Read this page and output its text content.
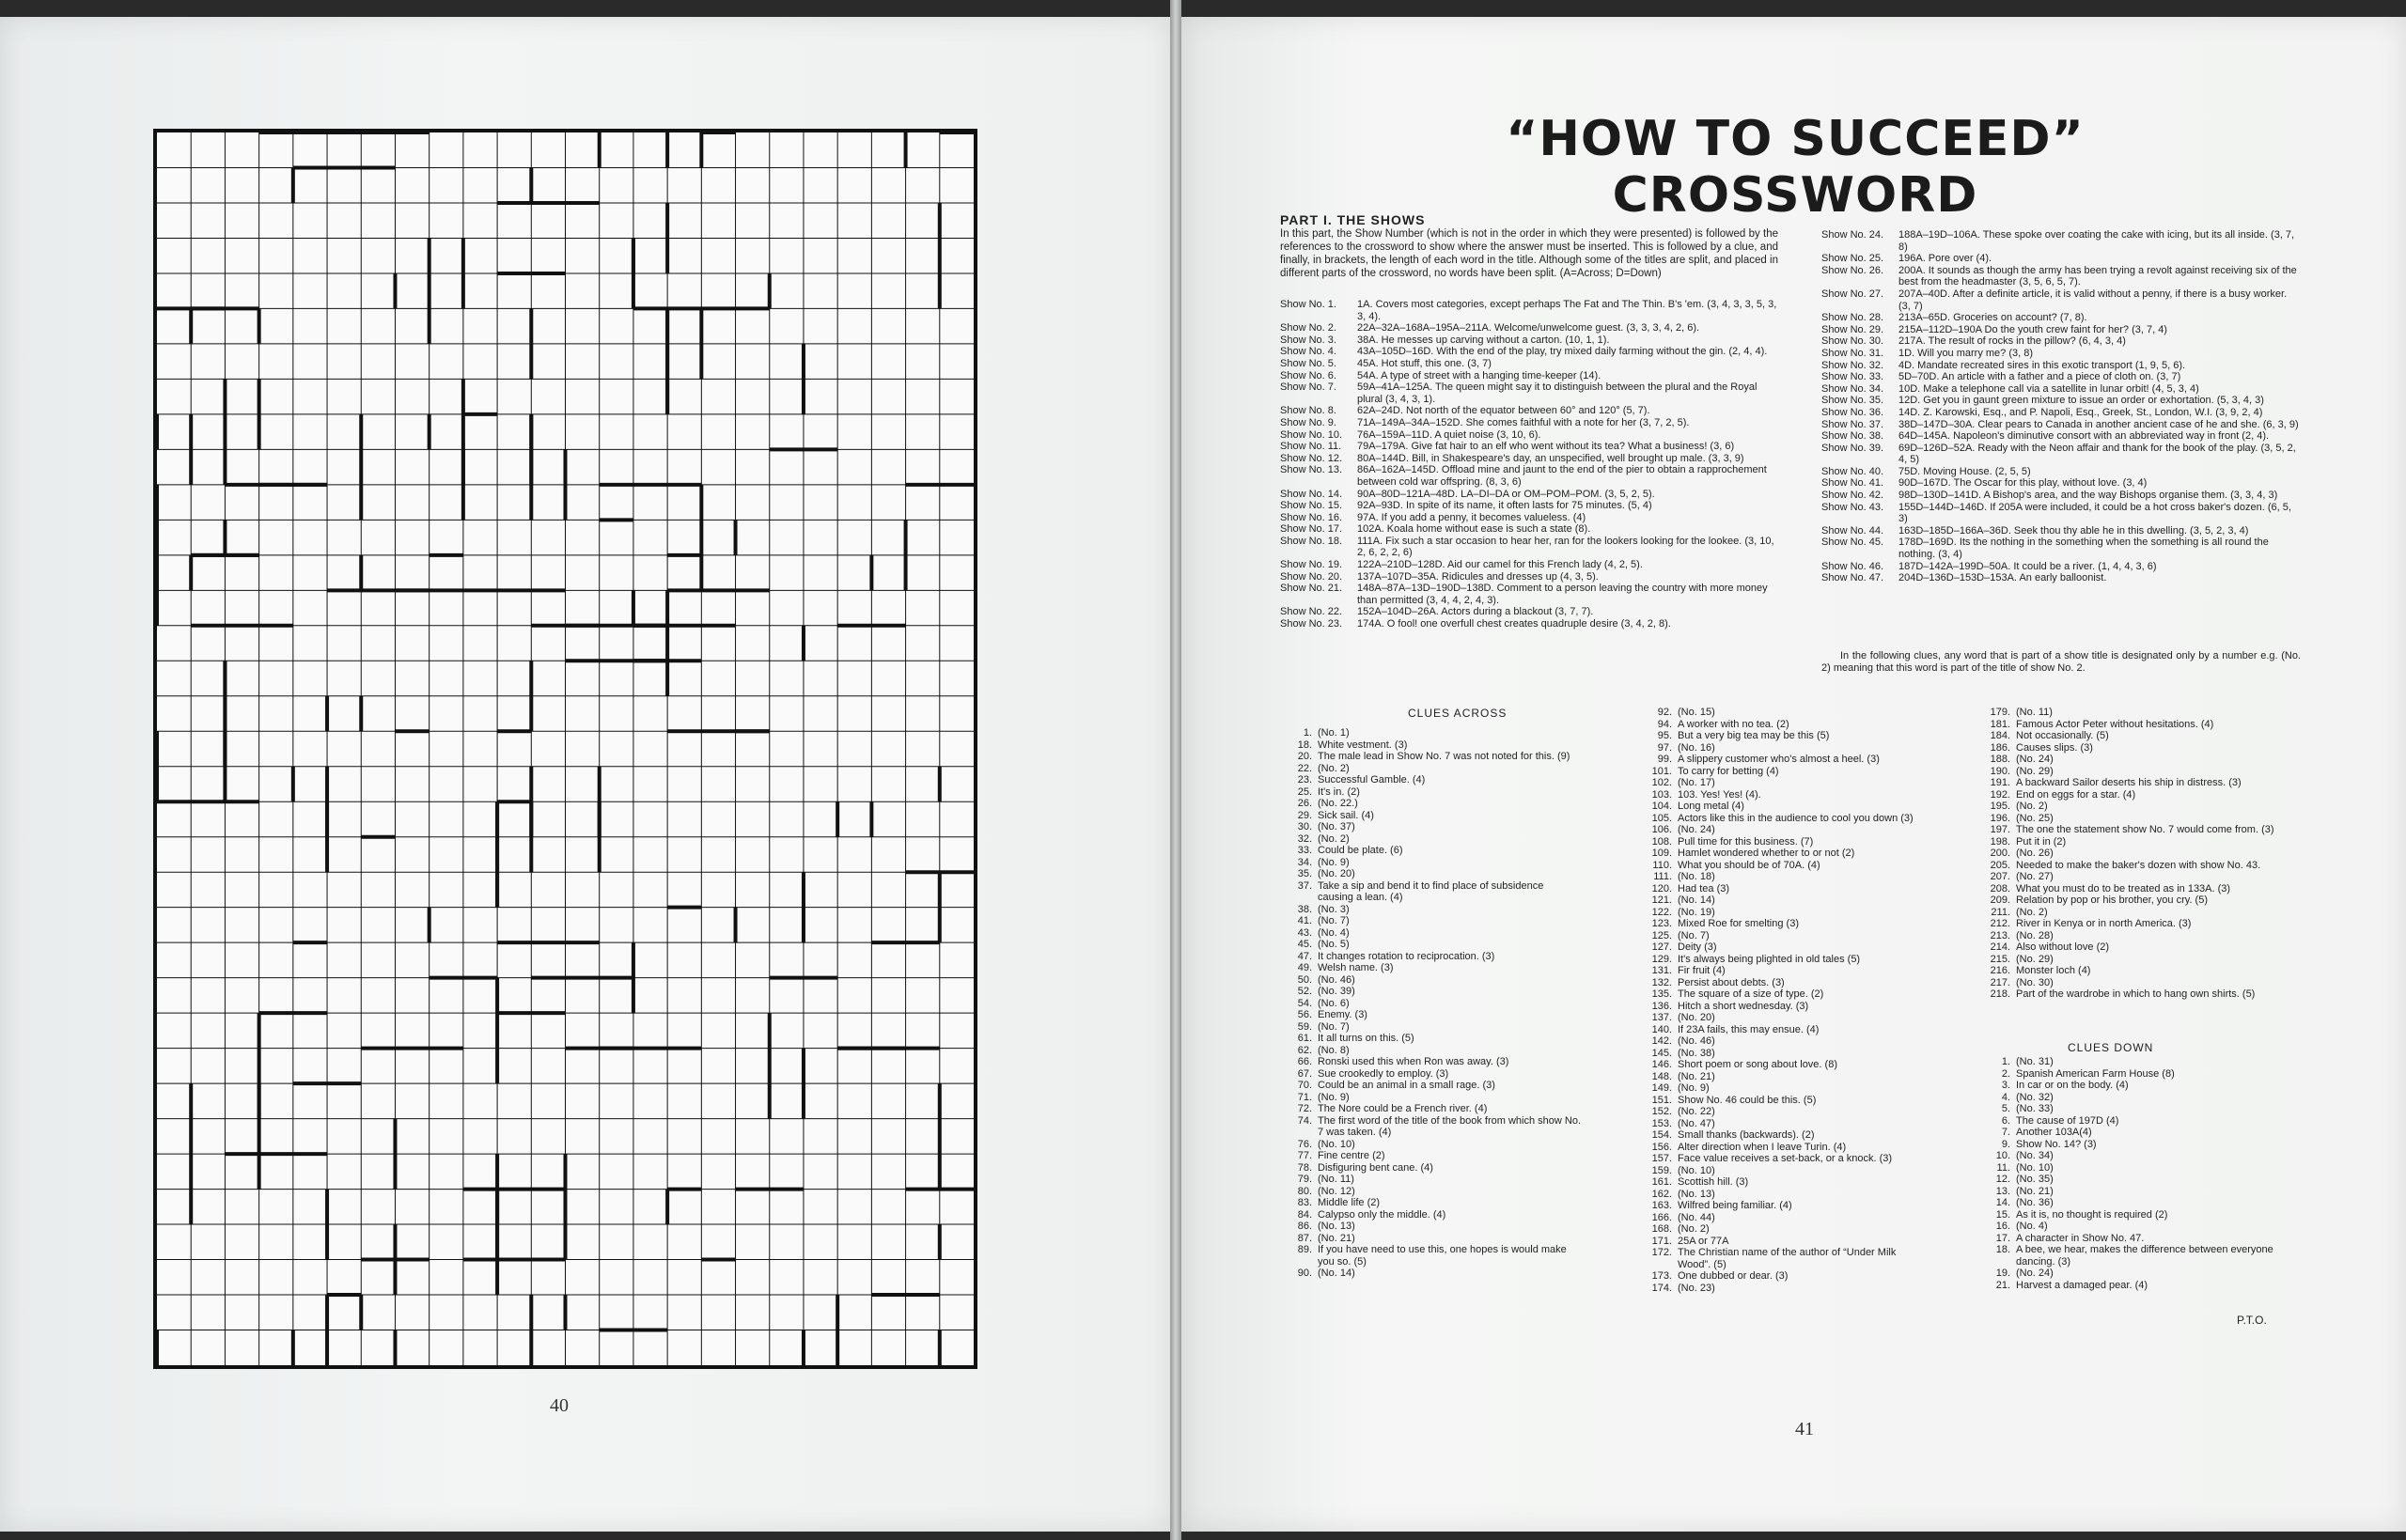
40
41
“HOW TO SUCCEED” CROSSWORD
PART I. THE SHOWS
In this part, the Show Number (which is not in the order in which they were presented) is followed by the references to the crossword to show where the answer must be inserted. This is followed by a clue, and finally, in brackets, the length of each word in the title. Although some of the titles are split, and placed in different parts of the crossword, no words have been split. (A=Across; D=Down)
Show No. 1.	1A. Covers most categories, except perhaps The Fat and The Thin. B's 'em. (3, 4, 3, 3, 5, 3, 3, 4).
Show No. 2.	22A–32A–168A–195A–211A. Welcome/unwelcome guest. (3, 3, 3, 4, 2, 6).
Show No. 3.	38A. He messes up carving without a carton. (10, 1, 1).
Show No. 4.	43A–105D–16D. With the end of the play, try mixed daily farming without the gin. (2, 4, 4).
Show No. 5.	45A. Hot stuff, this one. (3, 7)
Show No. 6.	54A. A type of street with a hanging time-keeper (14).
Show No. 7.	59A–41A–125A. The queen might say it to distinguish between the plural and the Royal plural (3, 4, 3, 1).
Show No. 8.	62A–24D. Not north of the equator between 60° and 120° (5, 7).
Show No. 9.	71A–149A–34A–152D. She comes faithful with a note for her (3, 7, 2, 5).
Show No. 10.	76A–159A–11D. A quiet noise (3, 10, 6).
Show No. 11.	79A–179A. Give fat hair to an elf who went without its tea? What a business! (3, 6)
Show No. 12.	80A–144D. Bill, in Shakespeare's day, an unspecified, well brought up male. (3, 3, 9)
Show No. 13.	86A–162A–145D. Offload mine and jaunt to the end of the pier to obtain a rapprochement between cold war offspring. (8, 3, 6)
Show No. 14.	90A–80D–121A–48D. LA–DI–DA or OM–POM–POM. (3, 5, 2, 5).
Show No. 15.	92A–93D. In spite of its name, it often lasts for 75 minutes. (5, 4)
Show No. 16.	97A. If you add a penny, it becomes valueless. (4)
Show No. 17.	102A. Koala home without ease is such a state (8).
Show No. 18.	111A. Fix such a star occasion to hear her, ran for the lookers looking for the lookee. (3, 10, 2, 6, 2, 2, 6)
Show No. 19.	122A–210D–128D. Aid our camel for this French lady (4, 2, 5).
Show No. 20.	137A–107D–35A. Ridicules and dresses up (4, 3, 5).
Show No. 21.	148A–87A–13D–190D–138D. Comment to a person leaving the country with more money than permitted (3, 4, 4, 2, 4, 3).
Show No. 22.	152A–104D–26A. Actors during a blackout (3, 7, 7).
Show No. 23.	174A. O fool! one overfull chest creates quadruple desire (3, 4, 2, 8).
Show No. 24.	188A–19D–106A. These spoke over coating the cake with icing, but its all inside. (3, 7, 8)
Show No. 25.	196A. Pore over (4).
Show No. 26.	200A. It sounds as though the army has been trying a revolt against receiving six of the best from the headmaster (3, 5, 6, 5, 7).
Show No. 27.	207A–40D. After a definite article, it is valid without a penny, if there is a busy worker. (3, 7)
Show No. 28.	213A–65D. Groceries on account? (7, 8).
Show No. 29.	215A–112D–190A Do the youth crew faint for her? (3, 7, 4)
Show No. 30.	217A. The result of rocks in the pillow? (6, 4, 3, 4)
Show No. 31.	1D. Will you marry me? (3, 8)
Show No. 32.	4D. Mandate recreated sires in this exotic transport (1, 9, 5, 6).
Show No. 33.	5D–70D. An article with a father and a piece of cloth on. (3, 7)
Show No. 34.	10D. Make a telephone call via a satellite in lunar orbit! (4, 5, 3, 4)
Show No. 35.	12D. Get you in gaunt green mixture to issue an order or exhortation. (5, 3, 4, 3)
Show No. 36.	14D. Z. Karowski, Esq., and P. Napoli, Esq., Greek, St., London, W.I. (3, 9, 2, 4)
Show No. 37.	38D–147D–30A. Clear pears to Canada in another ancient case of he and she. (6, 3, 9)
Show No. 38.	64D–145A. Napoleon's diminutive consort with an abbreviated way in front (2, 4).
Show No. 39.	69D–126D–52A. Ready with the Neon affair and thank for the book of the play. (3, 5, 2, 4, 5)
Show No. 40.	75D. Moving House. (2, 5, 5)
Show No. 41.	90D–167D. The Oscar for this play, without love. (3, 4)
Show No. 42.	98D–130D–141D. A Bishop's area, and the way Bishops organise them. (3, 3, 4, 3)
Show No. 43.	155D–144D–146D. If 205A were included, it could be a hot cross baker's dozen. (6, 5, 3)
Show No. 44.	163D–185D–166A–36D. Seek thou thy able he in this dwelling. (3, 5, 2, 3, 4)
Show No. 45.	178D–169D. Its the nothing in the something when the something is all round the nothing. (3, 4)
Show No. 46.	187D–142A–199D–50A. It could be a river. (1, 4, 4, 3, 6)
Show No. 47.	204D–136D–153D–153A. An early balloonist.
In the following clues, any word that is part of a show title is designated only by a number e.g. (No. 2) meaning that this word is part of the title of show No. 2.
CLUES ACROSS
1. (No. 1)
18. White vestment. (3)
20. The male lead in Show No. 7 was not noted for this. (9)
22. (No. 2)
23. Successful Gamble. (4)
25. It's in. (2)
26. (No. 22.)
29. Sick sail. (4)
30. (No. 37)
32. (No. 2)
33. Could be plate. (6)
34. (No. 9)
35. (No. 20)
37. Take a sip and bend it to find place of subsidence causing a lean. (4)
38. (No. 3)
41. (No. 7)
43. (No. 4)
45. (No. 5)
47. It changes rotation to reciprocation. (3)
49. Welsh name. (3)
50. (No. 46)
52. (No. 39)
54. (No. 6)
56. Enemy. (3)
59. (No. 7)
61. It all turns on this. (5)
62. (No. 8)
66. Ronski used this when Ron was away. (3)
67. Sue crookedly to employ. (3)
70. Could be an animal in a small rage. (3)
71. (No. 9)
72. The Nore could be a French river. (4)
74. The first word of the title of the book from which show No. 7 was taken. (4)
76. (No. 10)
77. Fine centre (2)
78. Disfiguring bent cane. (4)
79. (No. 11)
80. (No. 12)
83. Middle life (2)
84. Calypso only the middle. (4)
86. (No. 13)
87. (No. 21)
89. If you have need to use this, one hopes is would make you so. (5)
90. (No. 14)
92. (No. 15)
94. A worker with no tea. (2)
95. But a very big tea may be this (5)
97. (No. 16)
99. A slippery customer who's almost a heel. (3)
101. To carry for betting (4)
102. (No. 17)
103. 103. Yes! Yes! (4).
104. Long metal (4)
105. Actors like this in the audience to cool you down (3)
106. (No. 24)
108. Pull time for this business. (7)
109. Hamlet wondered whether to or not (2)
110. What you should be of 70A. (4)
111. (No. 18)
120. Had tea (3)
121. (No. 14)
122. (No. 19)
123. Mixed Roe for smelting (3)
125. (No. 7)
127. Deity (3)
129. It's always being plighted in old tales (5)
131. Fir fruit (4)
132. Persist about debts. (3)
135. The square of a size of type. (2)
136. Hitch a short wednesday. (3)
137. (No. 20)
140. If 23A fails, this may ensue. (4)
142. (No. 46)
145. (No. 38)
146. Short poem or song about love. (8)
148. (No. 21)
149. (No. 9)
151. Show No. 46 could be this. (5)
152. (No. 22)
153. (No. 47)
154. Small thanks (backwards). (2)
156. Alter direction when I leave Turin. (4)
157. Face value receives a set-back, or a knock. (3)
159. (No. 10)
161. Scottish hill. (3)
162. (No. 13)
163. Wilfred being familiar. (4)
166. (No. 44)
168. (No. 2)
171. 25A or 77A
172. The Christian name of the author of “Under Milk Wood”. (5)
173. One dubbed or dear. (3)
174. (No. 23)
179. (No. 11)
181. Famous Actor Peter without hesitations. (4)
184. Not occasionally. (5)
186. Causes slips. (3)
188. (No. 24)
190. (No. 29)
191. A backward Sailor deserts his ship in distress. (3)
192. End on eggs for a star. (4)
195. (No. 2)
196. (No. 25)
197. The one the statement show No. 7 would come from. (3)
198. Put it in (2)
200. (No. 26)
205. Needed to make the baker's dozen with show No. 43.
207. (No. 27)
208. What you must do to be treated as in 133A. (3)
209. Relation by pop or his brother, you cry. (5)
211. (No. 2)
212. River in Kenya or in north America. (3)
213. (No. 28)
214. Also without love (2)
215. (No. 29)
216. Monster loch (4)
217. (No. 30)
218. Part of the wardrobe in which to hang own shirts. (5)
CLUES DOWN
1. (No. 31)
2. Spanish American Farm House (8)
3. In car or on the body. (4)
4. (No. 32)
5. (No. 33)
6. The cause of 197D (4)
7. Another 103A(4)
9. Show No. 14? (3)
10. (No. 34)
11. (No. 10)
12. (No. 35)
13. (No. 21)
14. (No. 36)
15. As it is, no thought is required (2)
16. (No. 4)
17. A character in Show No. 47.
18. A bee, we hear, makes the difference between everyone dancing. (3)
19. (No. 24)
21. Harvest a damaged pear. (4)
P.T.O.
